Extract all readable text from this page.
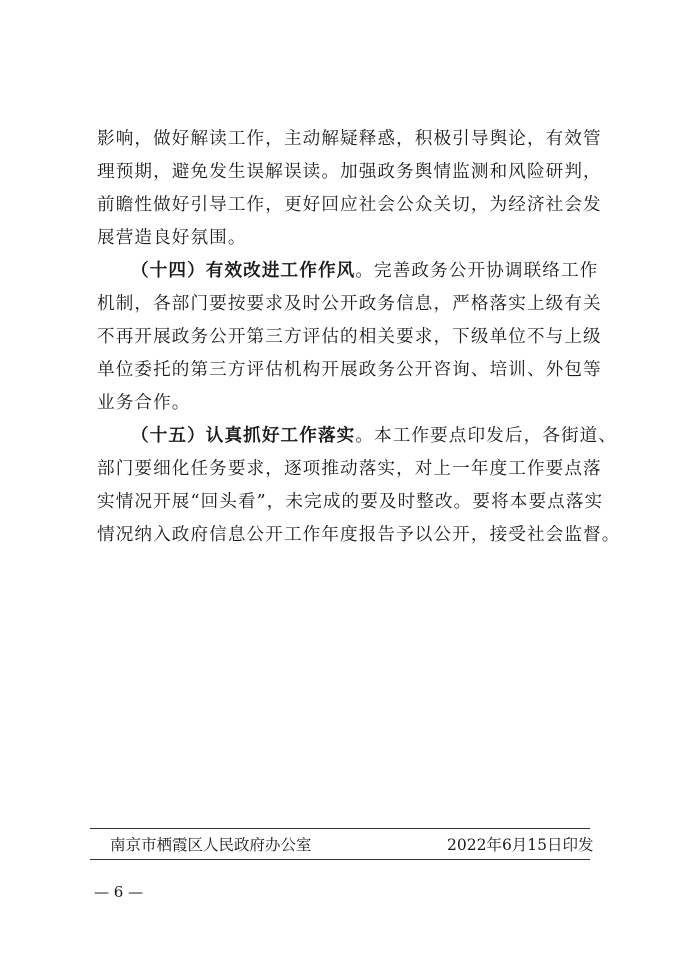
影响，做好解读工作，主动解疑释惑，积极引导舆论，有效管
理预期，避免发生误解误读。加强政务舆情监测和风险研判，
前瞻性做好引导工作，更好回应社会公众关切，为经济社会发
展营造良好氛围。
（十四）有效改进工作作风。完善政务公开协调联络工作
机制，各部门要按要求及时公开政务信息，严格落实上级有关
不再开展政务公开第三方评估的相关要求，下级单位不与上级
单位委托的第三方评估机构开展政务公开咨询、培训、外包等
业务合作。
（十五）认真抓好工作落实。本工作要点印发后，各街道、
部门要细化任务要求，逐项推动落实，对上一年度工作要点落
实情况开展“回头看”，未完成的要及时整改。要将本要点落实
情况纳入政府信息公开工作年度报告予以公开，接受社会监督。
南京市栖霞区人民政府办公室	2022年6月15日印发
— 6 —
